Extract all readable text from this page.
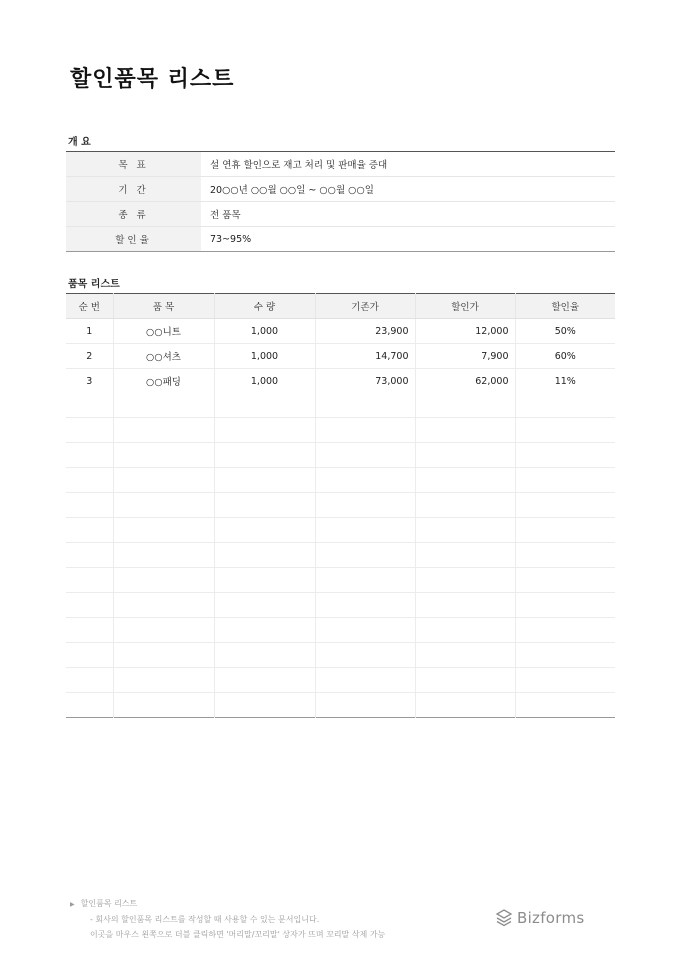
할인품목 리스트
개 요
목 표	설 연휴 할인으로 재고 처리 및 판매율 증대
기 간	20○○년 ○○월 ○○일 ~ ○○월 ○○일
종 류	전 품목
할인율	73~95%
품목 리스트
순 번	품 목	수 량	기존가	할인가	할인율
1	○○니트	1,000	23,900	12,000	50%
2	○○셔츠	1,000	14,700	7,900	60%
3	○○패딩	1,000	73,000	62,000	11%

▶ 할인품목 리스트
- 회사의 할인품목 리스트를 작성할 때 사용할 수 있는 문서입니다.
이곳을 마우스 왼쪽으로 더블 클릭하면 '머리말/꼬리말' 상자가 뜨며 꼬리말 삭제 가능
Bizforms
